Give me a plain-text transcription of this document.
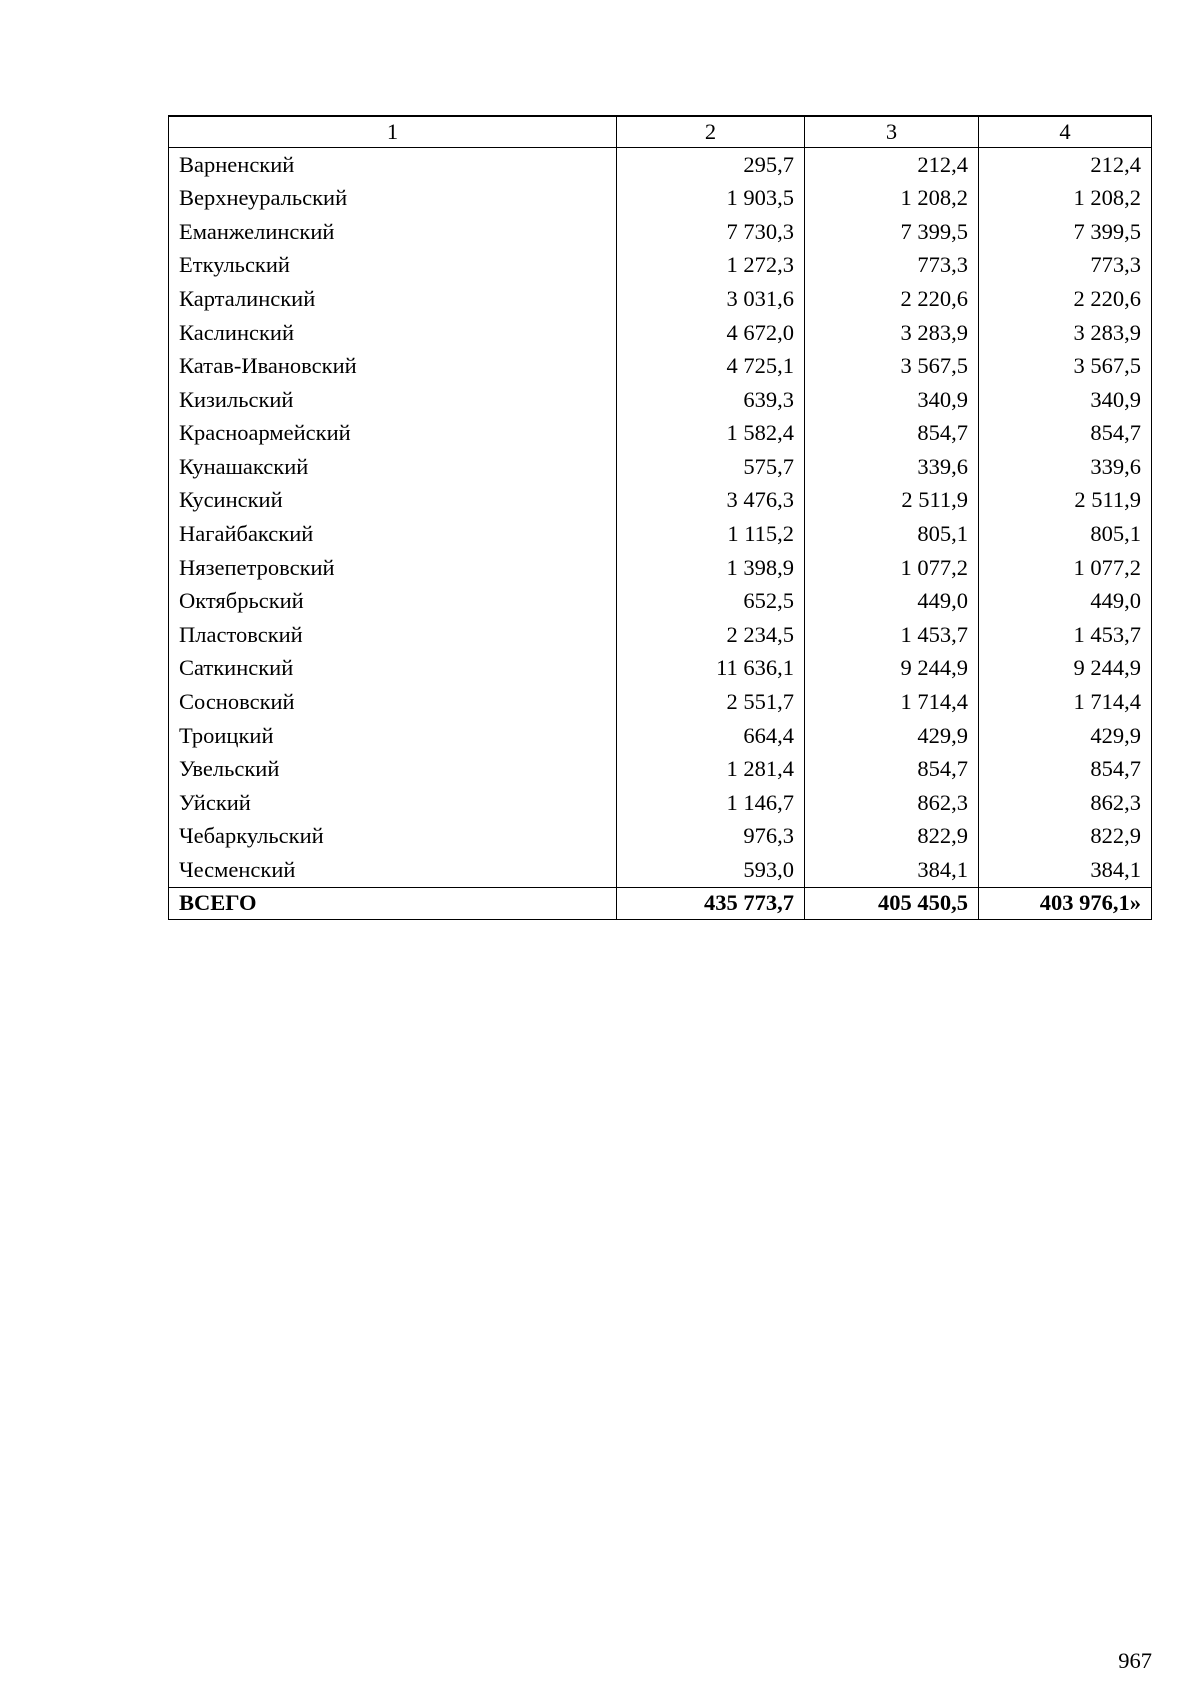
1	2	3	4
Варненский	295,7	212,4	212,4
Верхнеуральский	1 903,5	1 208,2	1 208,2
Еманжелинский	7 730,3	7 399,5	7 399,5
Еткульский	1 272,3	773,3	773,3
Карталинский	3 031,6	2 220,6	2 220,6
Каслинский	4 672,0	3 283,9	3 283,9
Катав-Ивановский	4 725,1	3 567,5	3 567,5
Кизильский	639,3	340,9	340,9
Красноармейский	1 582,4	854,7	854,7
Кунашакский	575,7	339,6	339,6
Кусинский	3 476,3	2 511,9	2 511,9
Нагайбакский	1 115,2	805,1	805,1
Нязепетровский	1 398,9	1 077,2	1 077,2
Октябрьский	652,5	449,0	449,0
Пластовский	2 234,5	1 453,7	1 453,7
Саткинский	11 636,1	9 244,9	9 244,9
Сосновский	2 551,7	1 714,4	1 714,4
Троицкий	664,4	429,9	429,9
Увельский	1 281,4	854,7	854,7
Уйский	1 146,7	862,3	862,3
Чебаркульский	976,3	822,9	822,9
Чесменский	593,0	384,1	384,1
ВСЕГО	435 773,7	405 450,5	403 976,1»
967
